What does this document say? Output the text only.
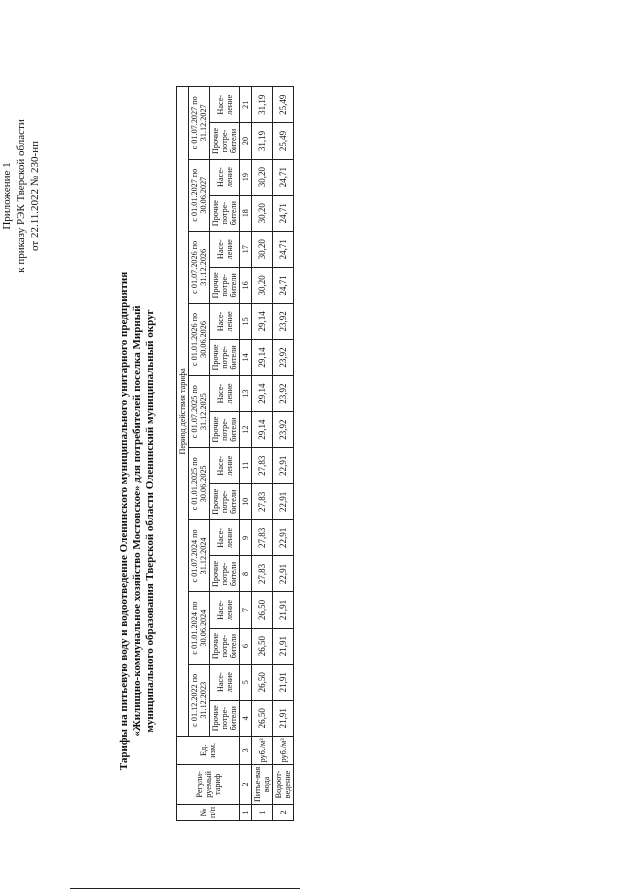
Приложение 1 к приказу РЭК Тверской области от 22.11.2022 № 230-нп
Тарифы на питьевую воду и водоотведение Оленинского муниципального унитарного предприятия «Жилищно-коммунальное хозяйство Мостовское» для потребителей поселка Мирный муниципального образования Тверской области Оленинский муниципальный округ
№ п/п	Регули-руемый тариф	Ед. изм.	Период действия тарифа																	
			с 01.12.2022 по 31.12.2023		с 01.01.2024 по 30.06.2024		с 01.07.2024 по 31.12.2024		с 01.01.2025 по 30.06.2025		с 01.07.2025 по 31.12.2025		с 01.01.2026 по 30.06.2026		с 01.07.2026 по 31.12.2026		с 01.01.2027 по 30.06.2027		с 01.07.2027 по 31.12.2027	
			Прочие потре-бители	Насе-ление	Прочие потре-бители	Насе-ление	Прочие потре-бители	Насе-ление	Прочие потре-бители	Насе-ление	Прочие потре-бители	Насе-ление	Прочие потре-бители	Насе-ление	Прочие потре-бители	Насе-ление	Прочие потре-бители	Насе-ление	Прочие потре-бители	Насе-ление
1	2	3	4	5	6	7	8	9	10	11	12	13	14	15	16	17	18	19	20	21
1	Питье-вая вода	руб./м³	26,50	26,50	26,50	26,50	27,83	27,83	27,83	27,83	29,14	29,14	29,14	29,14	30,20	30,20	30,20	30,20	31,19	31,19
2	Водоот-ведение	руб./м³	21,91	21,91	21,91	21,91	22,91	22,91	22,91	22,91	23,92	23,92	23,92	23,92	24,71	24,71	24,71	24,71	25,49	25,49
